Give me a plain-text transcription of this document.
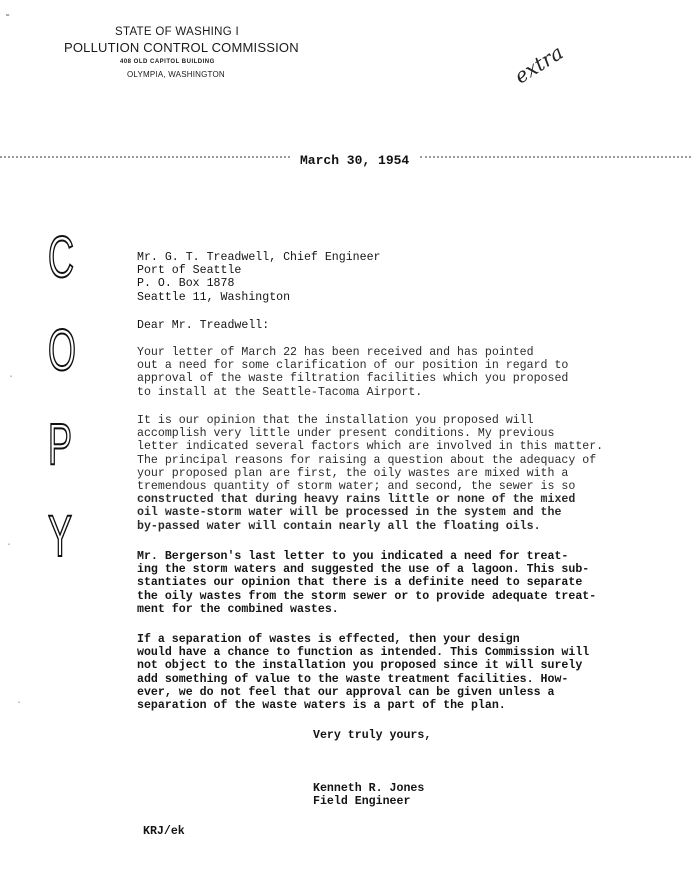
-
STATE OF WASHING I
POLLUTION CONTROL COMMISSION
408 OLD CAPITOL BUILDING
OLYMPIA, WASHINGTON	extra
March 30, 1954
C
O
P
Y
Mr. G. T. Treadwell, Chief Engineer
Port of Seattle
P. O. Box 1878
Seattle 11, Washington
Dear Mr. Treadwell:
Your letter of March 22 has been received and has pointed
out a need for some clarification of our position in regard to
approval of the waste filtration facilities which you proposed
to install at the Seattle-Tacoma Airport.
It is our opinion that the installation you proposed will
accomplish very little under present conditions. My previous
letter indicated several factors which are involved in this matter.
The principal reasons for raising a question about the adequacy of
your proposed plan are first, the oily wastes are mixed with a
tremendous quantity of storm water; and second, the sewer is so
constructed that during heavy rains little or none of the mixed
oil waste-storm water will be processed in the system and the
by-passed water will contain nearly all the floating oils.
Mr. Bergerson's last letter to you indicated a need for treat-
ing the storm waters and suggested the use of a lagoon. This sub-
stantiates our opinion that there is a definite need to separate
the oily wastes from the storm sewer or to provide adequate treat-
ment for the combined wastes.
If a separation of wastes is effected, then your design
would have a chance to function as intended. This Commission will
not object to the installation you proposed since it will surely
add something of value to the waste treatment facilities. How-
ever, we do not feel that our approval can be given unless a
separation of the waste waters is a part of the plan.
Very truly yours,
Kenneth R. Jones
Field Engineer
KRJ/ek
·
·
·
